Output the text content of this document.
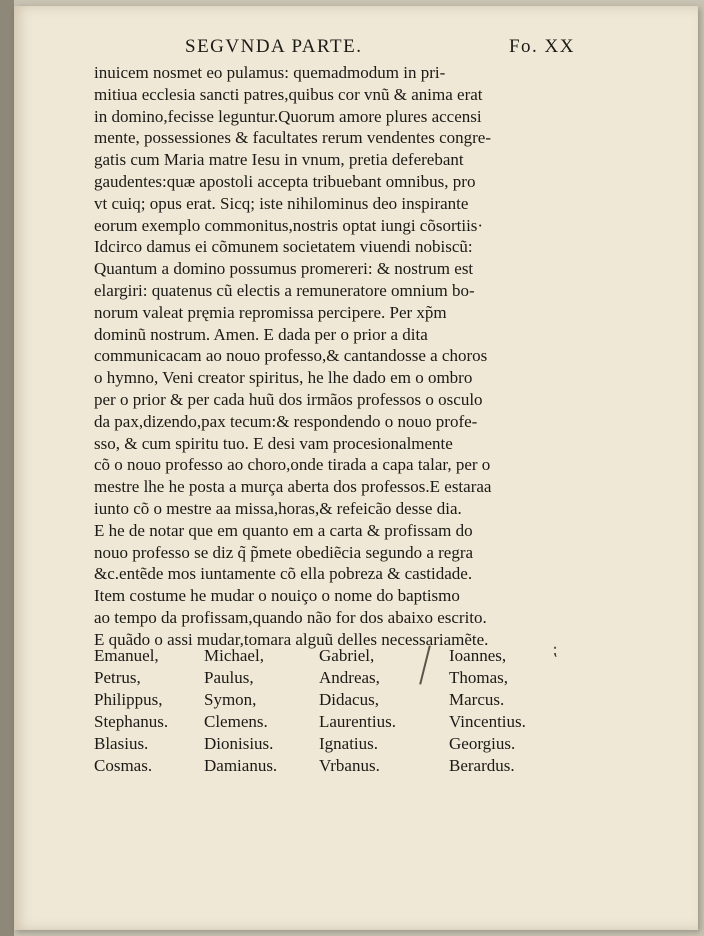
SEGVNDA PARTE.	Fo. XX
inuicem nosmet eo pulamus: quemadmodum in pri-
mitiua ecclesia sancti patres,quibus cor vnũ & anima erat
in domino,fecisse leguntur.Quorum amore plures accensi
mente, possessiones & facultates rerum vendentes congre-
gatis cum Maria matre Iesu in vnum, pretia deferebant
gaudentes:quæ apostoli accepta tribuebant omnibus, pro
vt cuiq; opus erat. Sicq; iste nihilominus deo inspirante
eorum exemplo commonitus,nostris optat iungi cõsortiis·
Idcirco damus ei cõmunem societatem viuendi nobiscũ:
Quantum a domino possumus promereri: & nostrum est
elargiri: quatenus cũ electis a remuneratore omnium bo-
norum valeat pręmia repromissa percipere. Per xp̃m
dominũ nostrum. Amen. E dada per o prior a dita
communicacam ao nouo professo,& cantandosse a choros
o hymno, Veni creator spiritus, he lhe dado em o ombro
per o prior & per cada huũ dos irmãos professos o osculo
da pax,dizendo,pax tecum:& respondendo o nouo profe-
sso, & cum spiritu tuo. E desi vam procesionalmente
cõ o nouo professo ao choro,onde tirada a capa talar, per o
mestre lhe he posta a murça aberta dos professos.E estaraa
iunto cõ o mestre aa missa,horas,& refeicão desse dia.
E he de notar que em quanto em a carta & profissam do
nouo professo se diz q̃ p̃mete obediẽcia segundo a regra
&c.entẽde mos iuntamente cõ ella pobreza & castidade.
Item costume he mudar o nouiço o nome do baptismo
ao tempo da profissam,quando não for dos abaixo escrito.
E quãdo o assi mudar,tomara alguũ delles necessariamẽte.
Emanuel,	Michael,	Gabriel,	Ioannes,
Petrus,	Paulus,	Andreas,	Thomas,
Philippus,	Symon,	Didacus,	Marcus.
Stephanus.	Clemens.	Laurentius.	Vincentius.
Blasius.	Dionisius.	Ignatius.	Georgius.
Cosmas.	Damianus.	Vrbanus.	Berardus.
⁏
